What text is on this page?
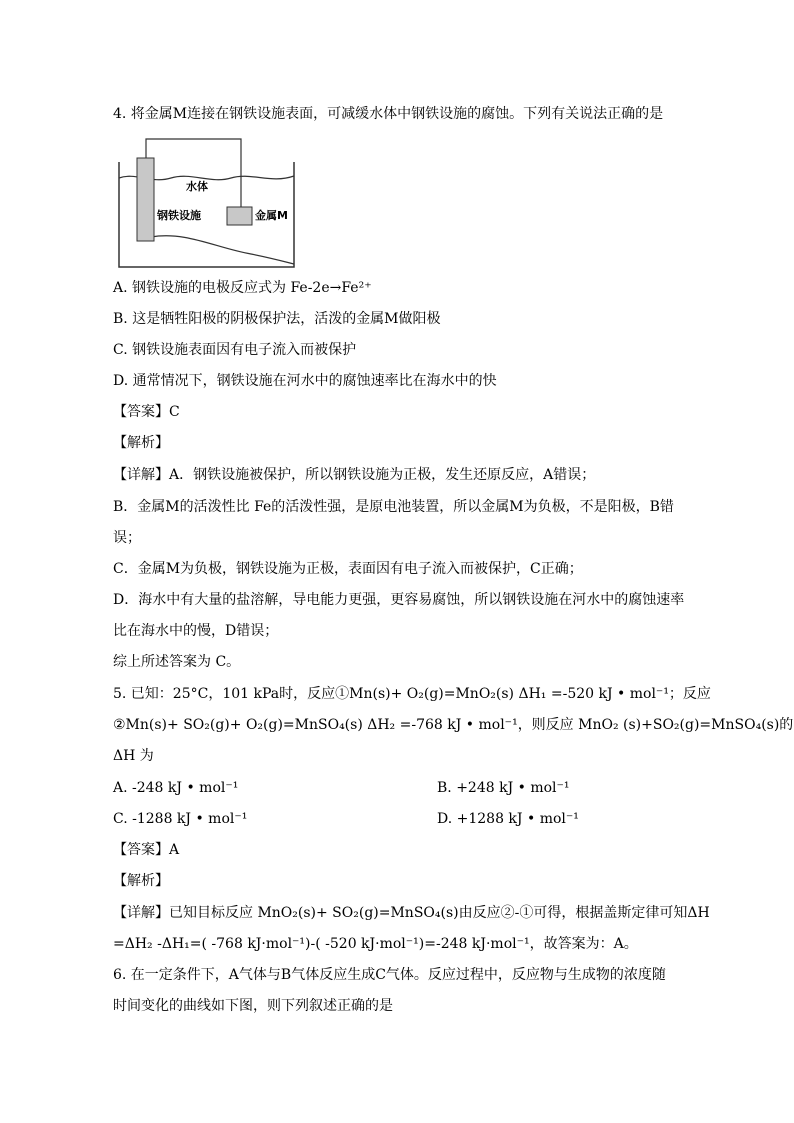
4. 将金属M连接在钢铁设施表面，可减缓水体中钢铁设施的腐蚀。下列有关说法正确的是
水体
钢铁设施	金属M
A. 钢铁设施的电极反应式为 Fe-2e→Fe²⁺
B. 这是牺牲阳极的阴极保护法，活泼的金属M做阳极
C. 钢铁设施表面因有电子流入而被保护
D. 通常情况下，钢铁设施在河水中的腐蚀速率比在海水中的快
【答案】C
【解析】
【详解】A．钢铁设施被保护，所以钢铁设施为正极，发生还原反应，A错误；
B．金属M的活泼性比 Fe的活泼性强，是原电池装置，所以金属M为负极，不是阳极，B错
误；
C．金属M为负极，钢铁设施为正极，表面因有电子流入而被保护，C正确；
D．海水中有大量的盐溶解，导电能力更强，更容易腐蚀，所以钢铁设施在河水中的腐蚀速率
比在海水中的慢，D错误；
综上所述答案为 C。
5. 已知：25°C，101 kPa时，反应①Mn(s)+ O₂(g)=MnO₂(s) ΔH₁ =-520 kJ • mol⁻¹；反应
②Mn(s)+ SO₂(g)+ O₂(g)=MnSO₄(s) ΔH₂ =-768 kJ • mol⁻¹，则反应 MnO₂ (s)+SO₂(g)=MnSO₄(s)的
ΔH 为
A. -248 kJ • mol⁻¹	B. +248 kJ • mol⁻¹
C. -1288 kJ • mol⁻¹	D. +1288 kJ • mol⁻¹
【答案】A
【解析】
【详解】已知目标反应 MnO₂(s)+ SO₂(g)=MnSO₄(s)由反应②-①可得，根据盖斯定律可知ΔH
=ΔH₂ -ΔH₁=( -768 kJ·mol⁻¹)-( -520 kJ·mol⁻¹)=-248 kJ·mol⁻¹，故答案为：A。
6. 在一定条件下，A气体与B气体反应生成C气体。反应过程中，反应物与生成物的浓度随
时间变化的曲线如下图，则下列叙述正确的是
